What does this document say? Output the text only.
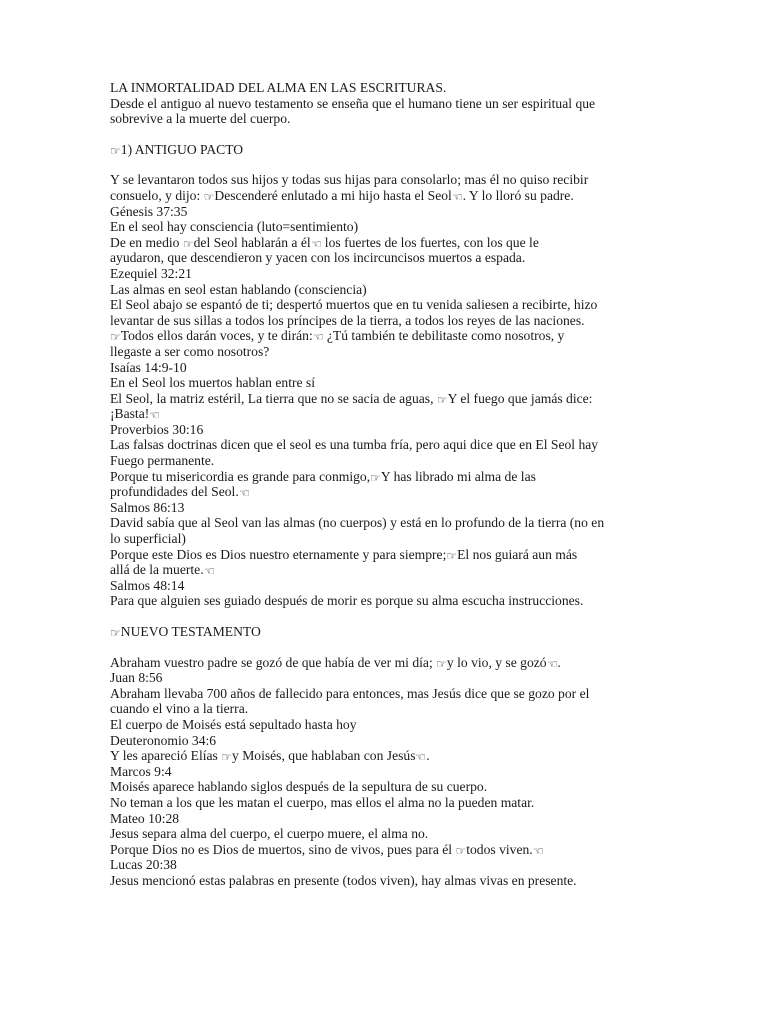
LA INMORTALIDAD DEL ALMA EN LAS ESCRITURAS.
Desde el antiguo al nuevo testamento se enseña que el humano tiene un ser espiritual que
sobrevive a la muerte del cuerpo.
☞1) ANTIGUO PACTO
Y se levantaron todos sus hijos y todas sus hijas para consolarlo; mas él no quiso recibir
consuelo, y dijo: ☞Descenderé enlutado a mi hijo hasta el Seol☞. Y lo lloró su padre.
Génesis 37:35
En el seol hay consciencia (luto=sentimiento)
De en medio ☞del Seol hablarán a él☞ los fuertes de los fuertes, con los que le
ayudaron, que descendieron y yacen con los incircuncisos muertos a espada.
Ezequiel 32:21
Las almas en seol estan hablando (consciencia)
El Seol abajo se espantó de ti; despertó muertos que en tu venida saliesen a recibirte, hizo
levantar de sus sillas a todos los príncipes de la tierra, a todos los reyes de las naciones.
☞Todos ellos darán voces, y te dirán:☞ ¿Tú también te debilitaste como nosotros, y
llegaste a ser como nosotros?
Isaías 14:9-10
En el Seol los muertos hablan entre sí
El Seol, la matriz estéril, La tierra que no se sacia de aguas, ☞Y el fuego que jamás dice:
¡Basta!☞
Proverbios 30:16
Las falsas doctrinas dicen que el seol es una tumba fría, pero aqui dice que en El Seol hay
Fuego permanente.
Porque tu misericordia es grande para conmigo,☞Y has librado mi alma de las
profundidades del Seol.☞
Salmos 86:13
David sabía que al Seol van las almas (no cuerpos) y está en lo profundo de la tierra (no en
lo superficial)
Porque este Dios es Dios nuestro eternamente y para siempre;☞El nos guiará aun más
allá de la muerte.☞
Salmos 48:14
Para que alguien ses guiado después de morir es porque su alma escucha instrucciones.
☞NUEVO TESTAMENTO
Abraham vuestro padre se gozó de que había de ver mi día; ☞y lo vio, y se gozó☞.
Juan 8:56
Abraham llevaba 700 años de fallecido para entonces, mas Jesús dice que se gozo por el
cuando el vino a la tierra.
El cuerpo de Moisés está sepultado hasta hoy
Deuteronomio 34:6
Y les apareció Elías ☞y Moisés, que hablaban con Jesús☞.
Marcos 9:4
Moisés aparece hablando siglos después de la sepultura de su cuerpo.
No teman a los que les matan el cuerpo, mas ellos el alma no la pueden matar.
Mateo 10:28
Jesus separa alma del cuerpo, el cuerpo muere, el alma no.
Porque Dios no es Dios de muertos, sino de vivos, pues para él ☞todos viven.☞
Lucas 20:38
Jesus mencionó estas palabras en presente (todos viven), hay almas vivas en presente.
